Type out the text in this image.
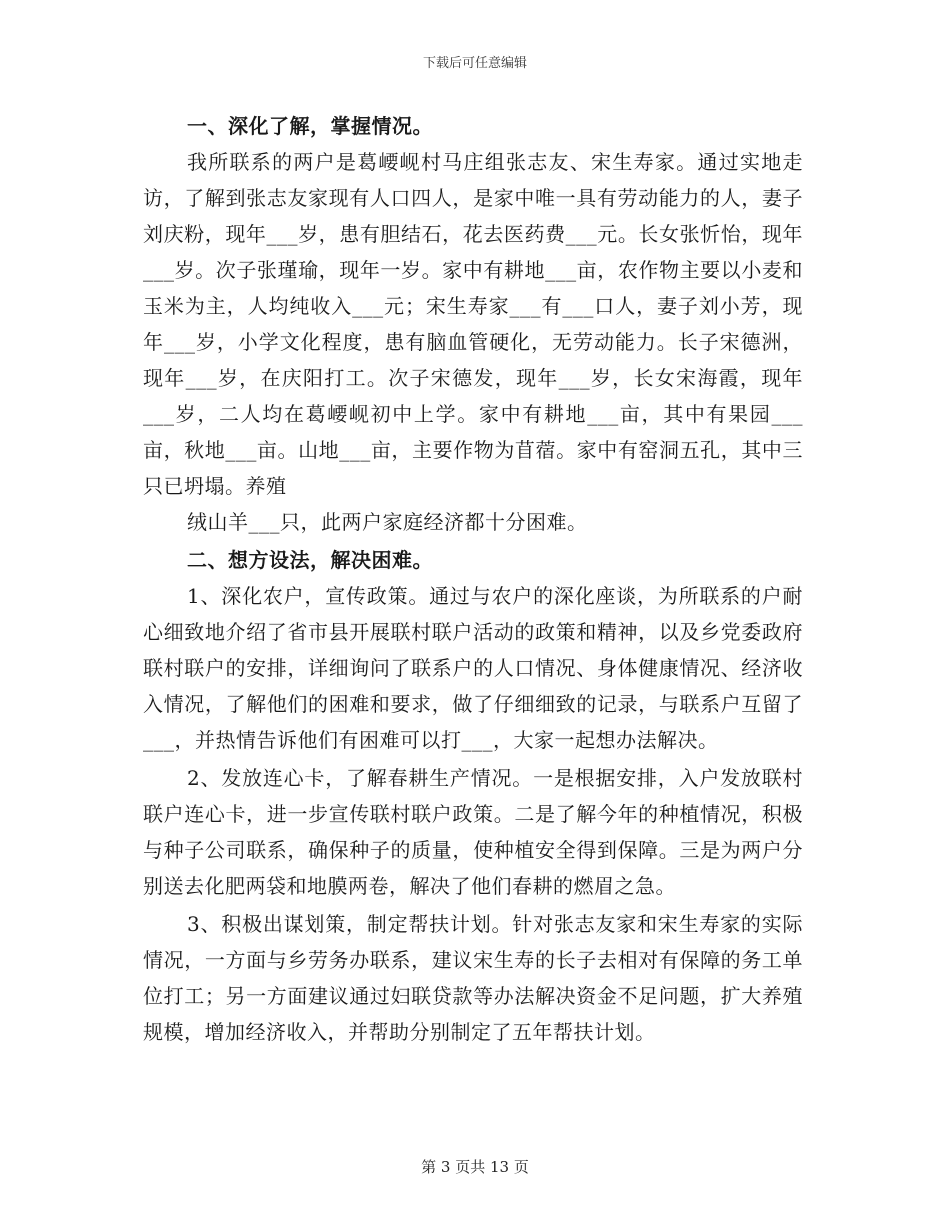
下载后可任意编辑
一、深化了解，掌握情况。

我所联系的两户是葛崾岘村马庄组张志友、宋生寿家。通过实地走访，了解到张志友家现有人口四人，是家中唯一具有劳动能力的人，妻子刘庆粉，现年___岁，患有胆结石，花去医药费___元。长女张忻怡，现年___岁。次子张瑾瑜，现年一岁。家中有耕地___亩，农作物主要以小麦和玉米为主，人均纯收入___元；宋生寿家___有___口人，妻子刘小芳，现年___岁，小学文化程度，患有脑血管硬化，无劳动能力。长子宋德洲，现年___岁，在庆阳打工。次子宋德发，现年___岁，长女宋海霞，现年___岁，二人均在葛崾岘初中上学。家中有耕地___亩，其中有果园___亩，秋地___亩。山地___亩，主要作物为苜蓿。家中有窑洞五孔，其中三只已坍塌。养殖

绒山羊___只，此两户家庭经济都十分困难。

二、想方设法，解决困难。

1、深化农户，宣传政策。通过与农户的深化座谈，为所联系的户耐心细致地介绍了省市县开展联村联户活动的政策和精神，以及乡党委政府联村联户的安排，详细询问了联系户的人口情况、身体健康情况、经济收入情况，了解他们的困难和要求，做了仔细细致的记录，与联系户互留了___，并热情告诉他们有困难可以打___，大家一起想办法解决。

2、发放连心卡，了解春耕生产情况。一是根据安排，入户发放联村联户连心卡，进一步宣传联村联户政策。二是了解今年的种植情况，积极与种子公司联系，确保种子的质量，使种植安全得到保障。三是为两户分别送去化肥两袋和地膜两卷，解决了他们春耕的燃眉之急。

3、积极出谋划策，制定帮扶计划。针对张志友家和宋生寿家的实际情况，一方面与乡劳务办联系，建议宋生寿的长子去相对有保障的务工单位打工；另一方面建议通过妇联贷款等办法解决资金不足问题，扩大养殖规模，增加经济收入，并帮助分别制定了五年帮扶计划。

第 3 页共 13 页
